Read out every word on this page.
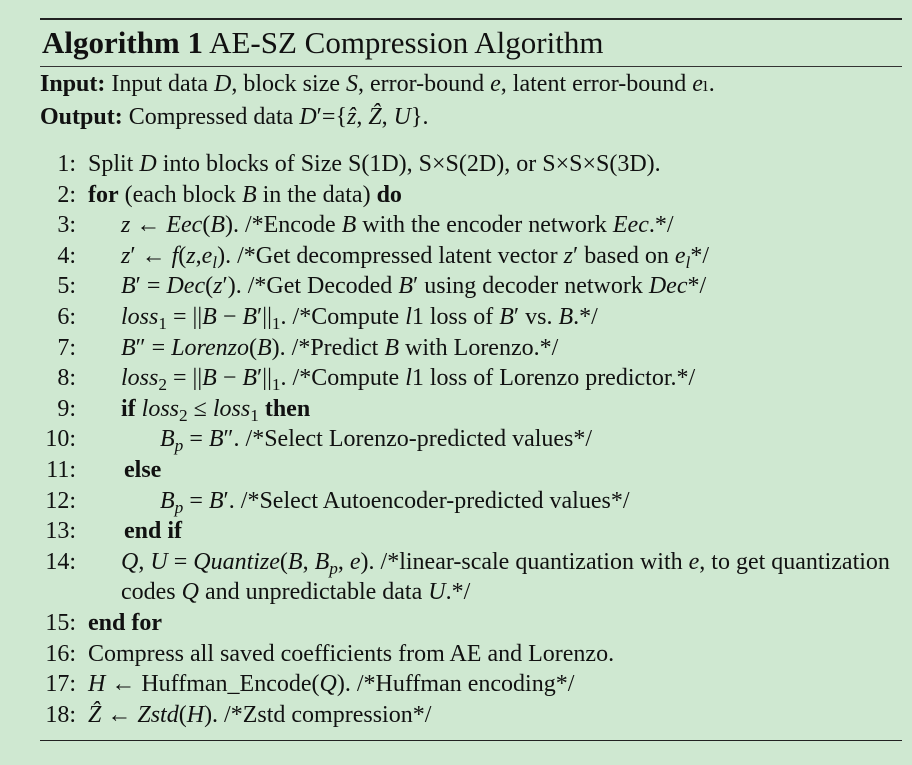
Algorithm 1 AE-SZ Compression Algorithm
Input: Input data D, block size S, error-bound e, latent error-bound eₗ.
Output: Compressed data D′={ẑ, Ẑ, U}.
1: Split D into blocks of Size S(1D), S×S(2D), or S×S×S(3D).
2: for (each block B in the data) do
3: z ← Eec(B). /*Encode B with the encoder network Eec.*/
4: z′ ← $f(z,e_l)$. /*Get decompressed latent vector z′ based on $e_l*/$
5: B′ = Dec(z′). /*Get Decoded B′ using decoder network Dec*/
6: loss$_1$ = $||B - B'||_1$. /*Compute l1 loss of B′ vs. B.*/
7: B″ = Lorenzo(B). /*Predict B with Lorenzo.*/
8: loss$_2$ = $||B - B'||_1$. /*Compute l1 loss of Lorenzo predictor.*/
9: if loss$_2$ ≤ loss$_1$ then
10:	$B_p = B''$. /*Select Lorenzo-predicted values*/
11: else
12:	$B_p = B'$. /*Select Autoencoder-predicted values*/
13: end if
14: Q, U = Quantize(B, $B_p$, e). /*linear-scale quantization with e, to get quantization codes Q and unpredictable data U.*/
15: end for
16: Compress all saved coefficients from AE and Lorenzo.
17: H ← Huffman_Encode(Q). /*Huffman encoding*/
18: Ẑ ← Zstd(H). /*Zstd compression*/
